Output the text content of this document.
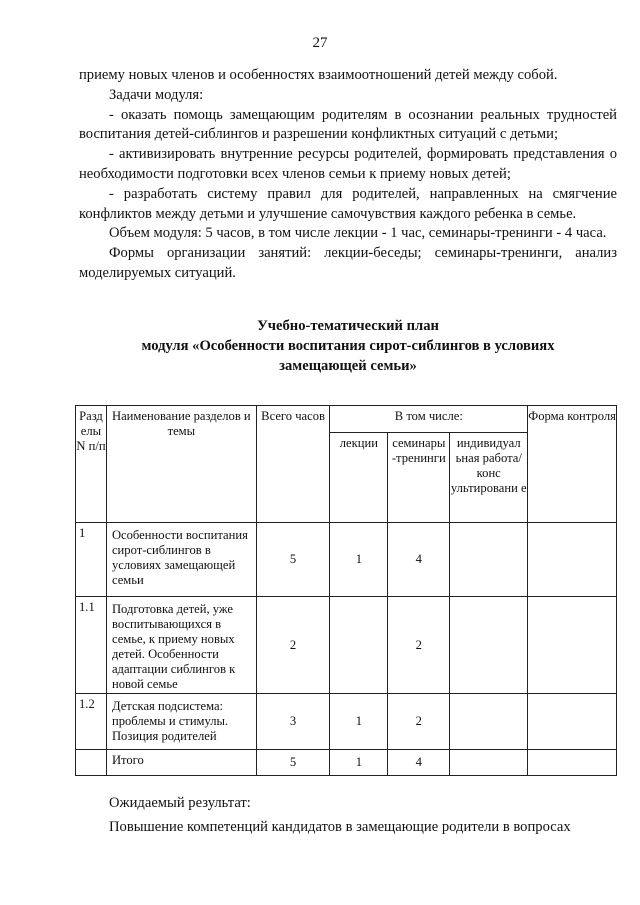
27

приему новых членов и особенностях взаимоотношений детей между собой.

Задачи модуля:

- оказать помощь замещающим родителям в осознании реальных трудностей воспитания детей-сиблингов и разрешении конфликтных ситуаций с детьми;

- активизировать внутренние ресурсы родителей, формировать представления о необходимости подготовки всех членов семьи к приему новых детей;

- разработать систему правил для родителей, направленных на смягчение конфликтов между детьми и улучшение самочувствия каждого ребенка в семье.

Объем модуля: 5 часов, в том числе лекции - 1 час, семинары-тренинги - 4 часа.

Формы организации занятий: лекции-беседы; семинары-тренинги, анализ моделируемых ситуаций.

Учебно-тематический план
модуля «Особенности воспитания сирот-сиблингов в условиях
замещающей семьи»
Разд елы N п/п	Наименование разделов и темы	Всего часов	В том числе:			Форма контроля
			лекции	семинары -тренинги	индивидуал ьная работа/конс ультировани е	
1	Особенности воспитания сирот-сиблингов в условиях замещающей семьи	5	1	4		
1.1	Подготовка детей, уже воспитывающихся в семье, к приему новых детей. Особенности адаптации сиблингов к новой семье	2		2		
1.2	Детская подсистема: проблемы и стимулы. Позиция родителей	3	1	2		
	Итого	5	1	4		

Ожидаемый результат:

Повышение компетенций кандидатов в замещающие родители в вопросах
